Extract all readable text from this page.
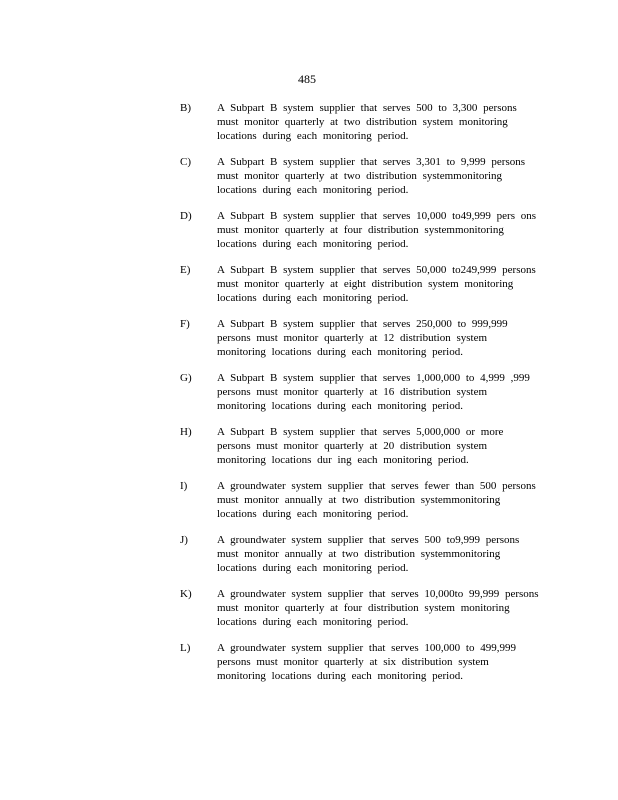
485
B)	A Subpart B system supplier that serves 500 to 3,300 persons must monitor quarterly at two distribution system monitoring locations during each monitoring period.
C)	A Subpart B system supplier that serves 3,301 to 9,999 persons must monitor quarterly at two distribution systemmonitoring locations during each monitoring period.
D)	A Subpart B system supplier that serves 10,000 to49,999 pers ons must monitor quarterly at four distribution systemmonitoring locations during each monitoring period.
E)	A Subpart B system supplier that serves 50,000 to249,999 persons must monitor quarterly at eight distribution system monitoring locations during each monitoring period.
F)	A Subpart B system supplier that serves 250,000 to 999,999 persons must monitor quarterly at 12 distribution system monitoring locations during each monitoring period.
G)	A Subpart B system supplier that serves 1,000,000 to 4,999 ,999 persons must monitor quarterly at 16 distribution system monitoring locations during each monitoring period.
H)	A Subpart B system supplier that serves 5,000,000 or more persons must monitor quarterly at 20 distribution system monitoring locations dur ing each monitoring period.
I)	A groundwater system supplier that serves fewer than 500 persons must monitor annually at two distribution systemmonitoring locations during each monitoring period.
J)	A groundwater system supplier that serves 500 to9,999 persons must monitor annually at two distribution systemmonitoring locations during each monitoring period.
K)	A groundwater system supplier that serves 10,000to 99,999 persons must monitor quarterly at four distribution system monitoring locations during each monitoring period.
L)	A groundwater system supplier that serves 100,000 to 499,999 persons must monitor quarterly at six distribution system monitoring locations during each monitoring period.
